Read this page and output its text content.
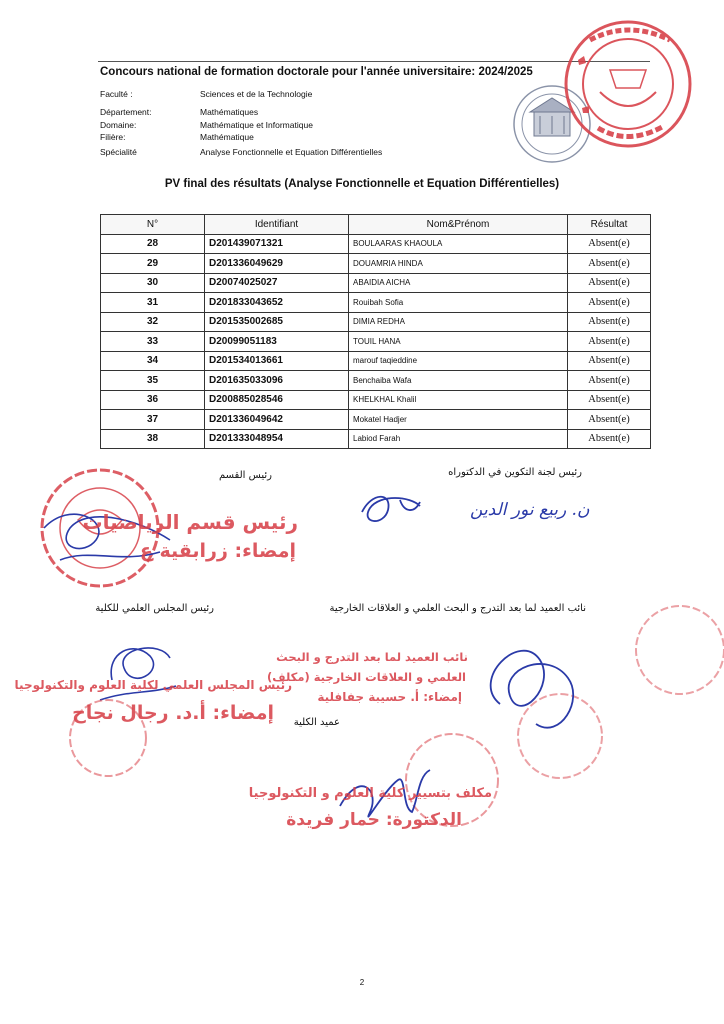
Concours national de formation doctorale pour l'année universitaire: 2024/2025
Faculté :	Sciences et de la Technologie
Département:	Mathématiques
Domaine:	Mathématique et Informatique
Filière:	Mathématique
Spécialité	Analyse Fonctionnelle et Equation Différentielles
PV final des résultats (Analyse Fonctionnelle et Equation Différentielles)
N°	Identifiant	Nom&Prénom	Résultat
28	D201439071321	BOULAARAS KHAOULA	Absent(e)
29	D201336049629	DOUAMRIA HINDA	Absent(e)
30	D20074025027	ABAIDIA AICHA	Absent(e)
31	D201833043652	Rouibah Sofia	Absent(e)
32	D201535002685	DIMIA REDHA	Absent(e)
33	D20099051183	TOUIL HANA	Absent(e)
34	D201534013661	marouf taqieddine	Absent(e)
35	D201635033096	Benchaiba Wafa	Absent(e)
36	D200885028546	KHELKHAL Khalil	Absent(e)
37	D201336049642	Mokatel Hadjer	Absent(e)
38	D201333048954	Labiod Farah	Absent(e)
رئيس القسم	رئيس لجنة التكوين في الدكتوراه
رئيس المجلس العلمي للكلية	نائب العميد لما بعد التدرج و البحث العلمي و العلاقات الخارجية
عميد الكلية
ن. ربيع نور الدين
رئيس قسم الرياضيات
إمضاء: زرابقية ع
رئيس المجلس العلمي لكلية العلوم والتكنولوجيا
إمضاء: أ.د. رجال نجاح
نائب العميد لما بعد التدرج و البحث
العلمي و العلاقات الخارجية (مكلف)
إمضاء: أ. حسيبة جفافلية
مكلف بتسيير كلية العلوم و التكنولوجيا
الدكتورة: حمار فريدة
2
